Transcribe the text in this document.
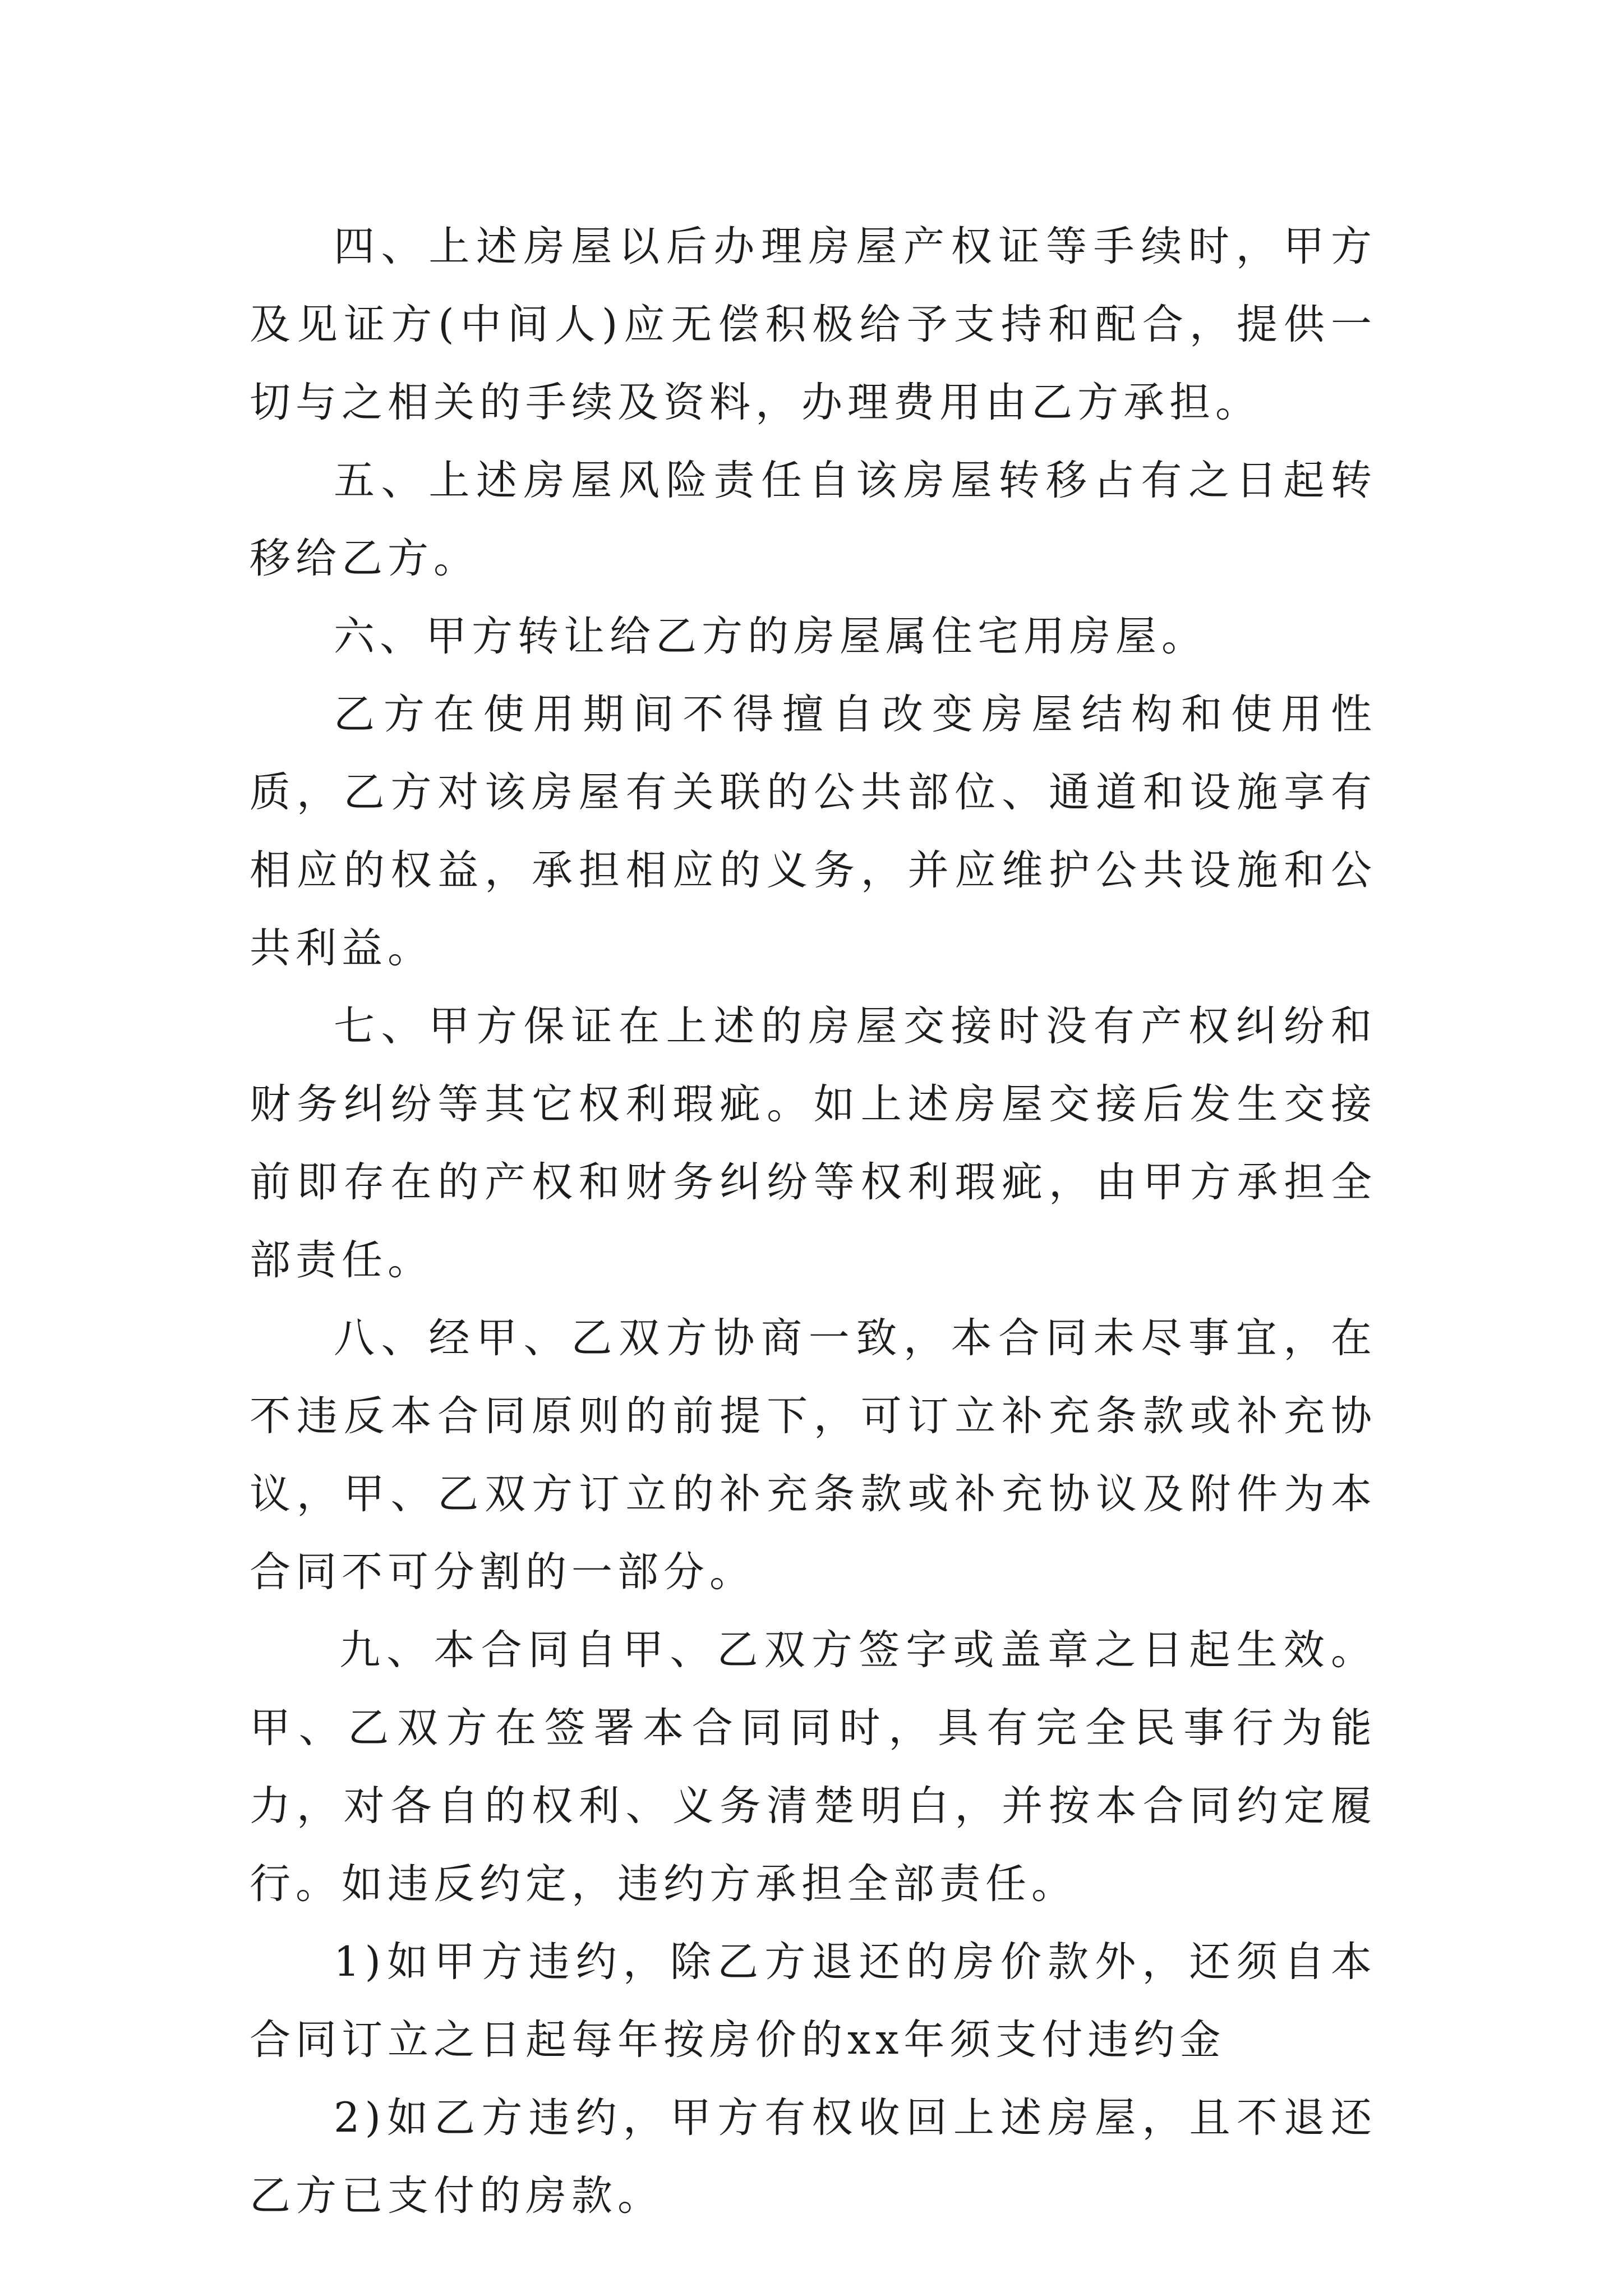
四、上述房屋以后办理房屋产权证等手续时，甲方及见证方(中间人)应无偿积极给予支持和配合，提供一切与之相关的手续及资料，办理费用由乙方承担。

五、上述房屋风险责任自该房屋转移占有之日起转移给乙方。

六、甲方转让给乙方的房屋属住宅用房屋。

乙方在使用期间不得擅自改变房屋结构和使用性质，乙方对该房屋有关联的公共部位、通道和设施享有相应的权益，承担相应的义务，并应维护公共设施和公共利益。

七、甲方保证在上述的房屋交接时没有产权纠纷和财务纠纷等其它权利瑕疵。如上述房屋交接后发生交接前即存在的产权和财务纠纷等权利瑕疵，由甲方承担全部责任。

八、经甲、乙双方协商一致，本合同未尽事宜，在不违反本合同原则的前提下，可订立补充条款或补充协议，甲、乙双方订立的补充条款或补充协议及附件为本合同不可分割的一部分。

九、本合同自甲、乙双方签字或盖章之日起生效。甲、乙双方在签署本合同同时，具有完全民事行为能力，对各自的权利、义务清楚明白，并按本合同约定履行。如违反约定，违约方承担全部责任。

1)如甲方违约，除乙方退还的房价款外，还须自本合同订立之日起每年按房价的xx年须支付违约金

2)如乙方违约，甲方有权收回上述房屋，且不退还乙方已支付的房款。
